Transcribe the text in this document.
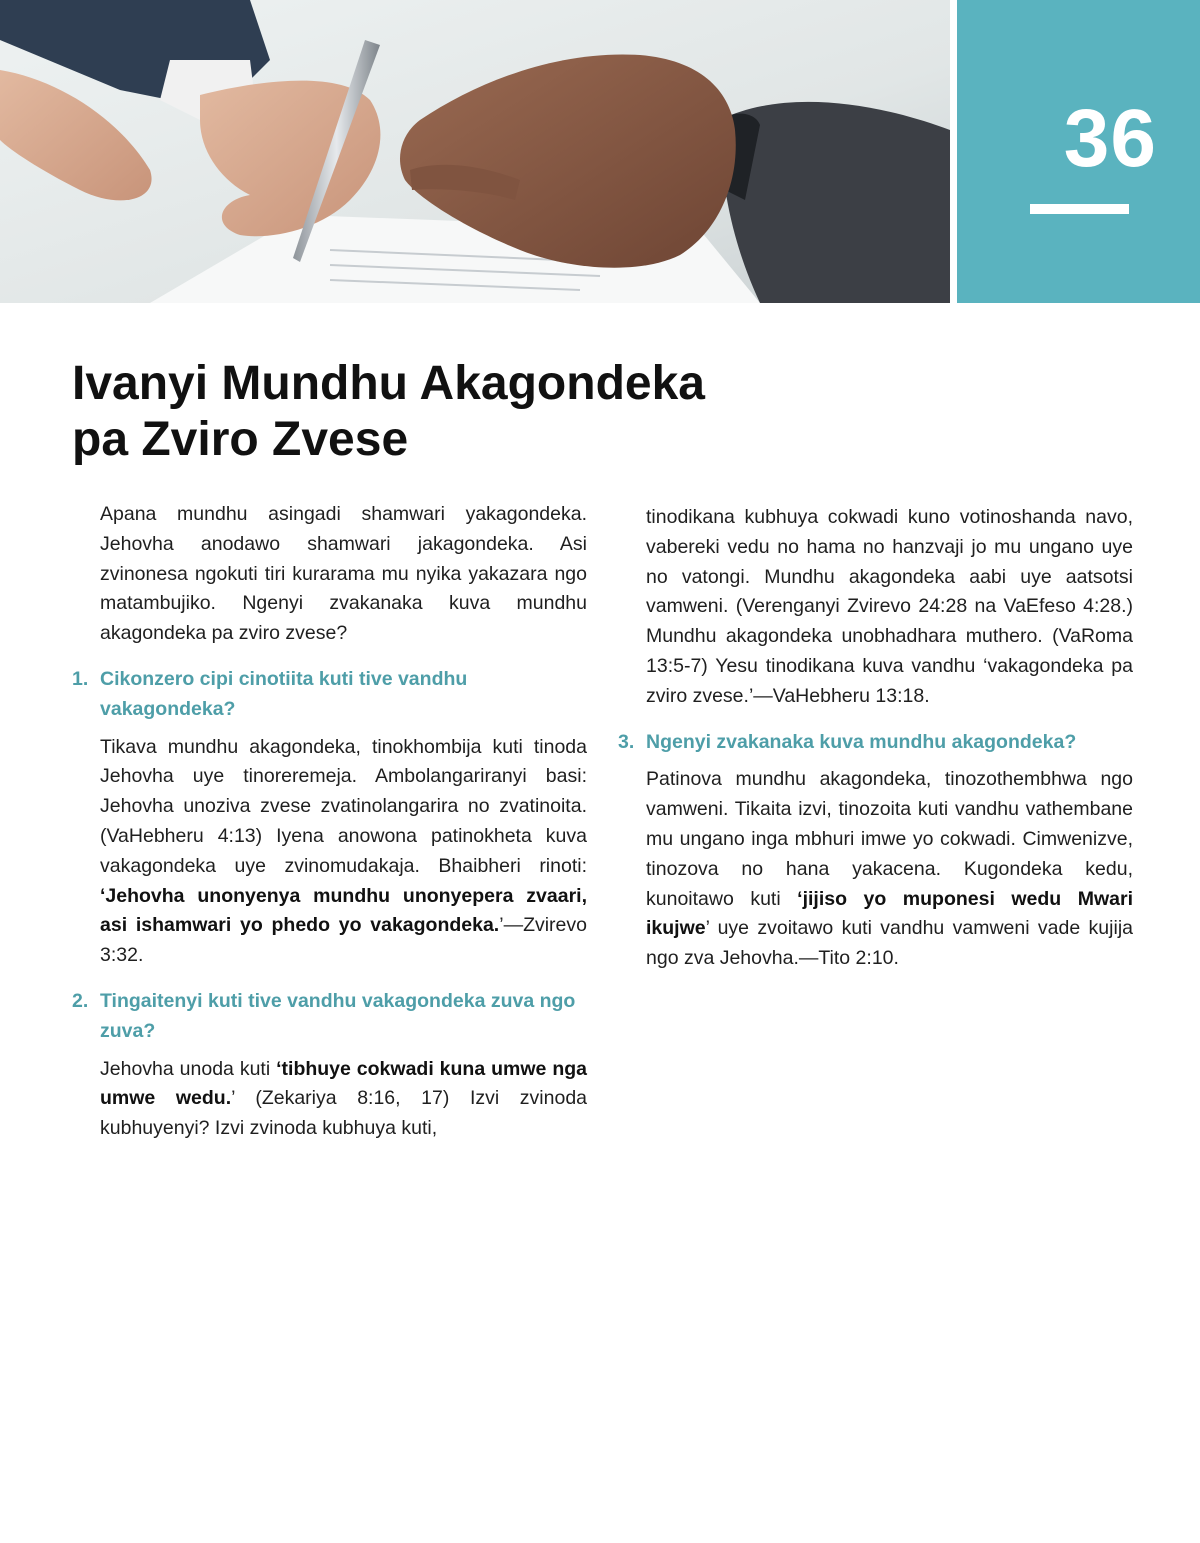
36
Ivanyi Mundhu Akagondeka
pa Zviro Zvese

Apana mundhu asingadi shamwari yakagondeka. Jehovha anodawo shamwari jakagondeka. Asi zvinonesa ngokuti tiri kurarama mu nyika yakazara ngo matambujiko. Ngenyi zvakanaka kuva mundhu akagondeka pa zviro zvese?

1. Cikonzero cipi cinotiita kuti tive vandhu vakagondeka?

Tikava mundhu akagondeka, tinokhombija kuti tinoda Jehovha uye tinoreremeja. Ambolangariranyi basi: Jehovha unoziva zvese zvatinolangarira no zvatinoita. (VaHebheru 4:13) Iyena anowona patinokheta kuva vakagondeka uye zvinomudakaja. Bhaibheri rinoti: ‘Jehovha unonyenya mundhu unonyepera zvaari, asi ishamwari yo phedo yo vakagondeka.’—Zvirevo 3:32.

2. Tingaitenyi kuti tive vandhu vakagondeka zuva ngo zuva?

Jehovha unoda kuti ‘tibhuye cokwadi kuna umwe nga umwe wedu.’ (Zekariya 8:16, 17) Izvi zvinoda kubhuyenyi? Izvi zvinoda kubhuya kuti,

tinodikana kubhuya cokwadi kuno votinoshanda navo, vabereki vedu no hama no hanzvaji jo mu ungano uye no vatongi. Mundhu akagondeka aabi uye aatsotsi vamweni. (Verenganyi Zvirevo 24:28 na VaEfeso 4:28.) Mundhu akagondeka unobhadhara muthero. (VaRoma 13:5-7) Yesu tinodikana kuva vandhu ‘vakagondeka pa zviro zvese.’—VaHebheru 13:18.

3. Ngenyi zvakanaka kuva mundhu akagondeka?

Patinova mundhu akagondeka, tinozothembhwa ngo vamweni. Tikaita izvi, tinozoita kuti vandhu vathembane mu ungano inga mbhuri imwe yo cokwadi. Cimwenizve, tinozova no hana yakacena. Kugondeka kedu, kunoitawo kuti ‘jijiso yo muponesi wedu Mwari ikujwe’ uye zvoitawo kuti vandhu vamweni vade kujija ngo zva Jehovha.—Tito 2:10.
